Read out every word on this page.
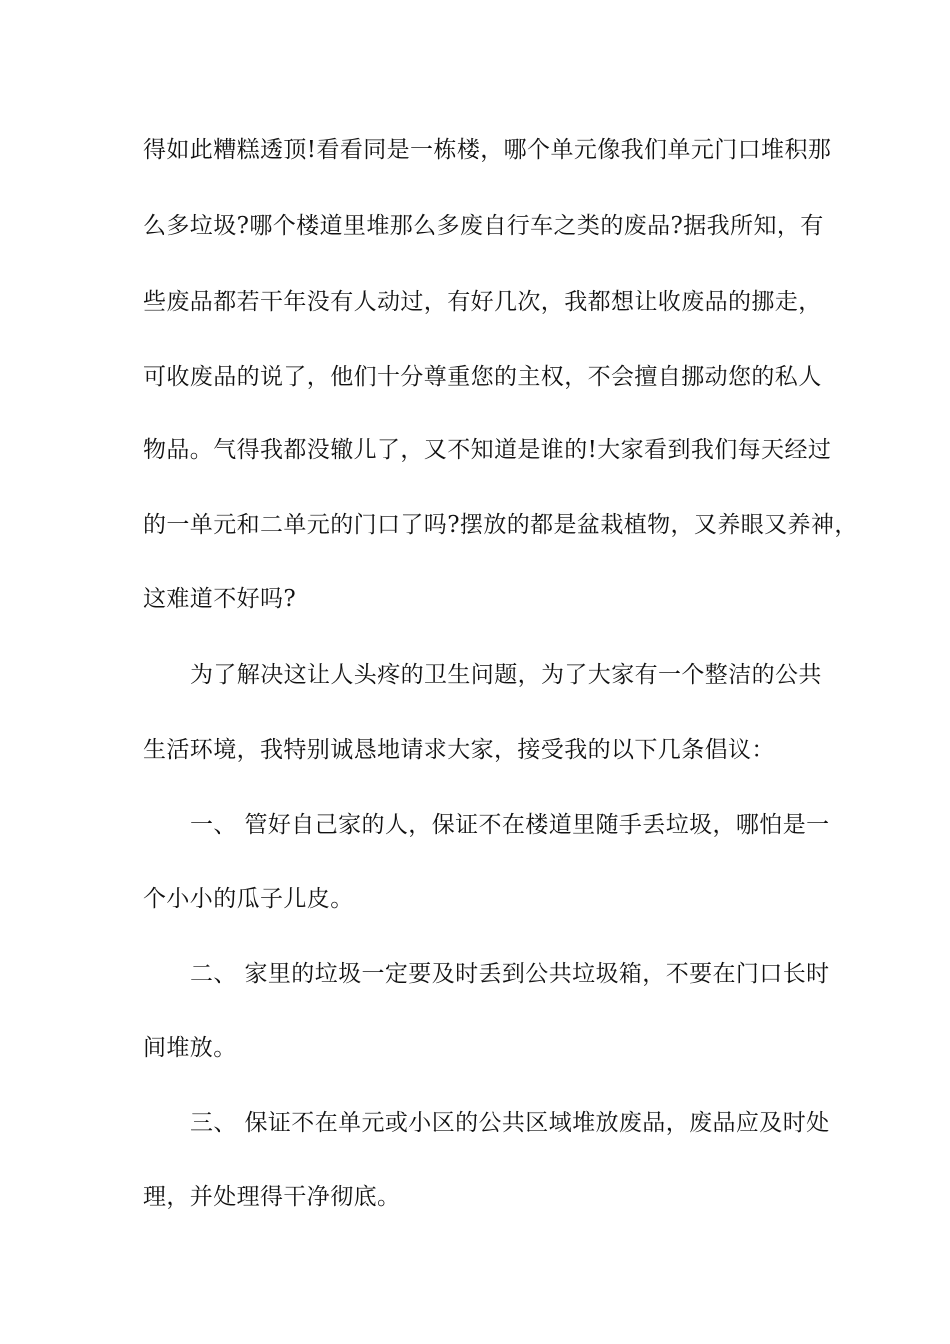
得如此糟糕透顶!看看同是一栋楼，哪个单元像我们单元门口堆积那
么多垃圾?哪个楼道里堆那么多废自行车之类的废品?据我所知，有
些废品都若干年没有人动过，有好几次，我都想让收废品的挪走，
可收废品的说了，他们十分尊重您的主权，不会擅自挪动您的私人
物品。气得我都没辙儿了，又不知道是谁的!大家看到我们每天经过
的一单元和二单元的门口了吗?摆放的都是盆栽植物，又养眼又养神，
这难道不好吗?
为了解决这让人头疼的卫生问题，为了大家有一个整洁的公共
生活环境，我特别诚恳地请求大家，接受我的以下几条倡议：
一、 管好自己家的人，保证不在楼道里随手丢垃圾，哪怕是一
个小小的瓜子儿皮。
二、 家里的垃圾一定要及时丢到公共垃圾箱，不要在门口长时
间堆放。
三、 保证不在单元或小区的公共区域堆放废品，废品应及时处
理，并处理得干净彻底。
